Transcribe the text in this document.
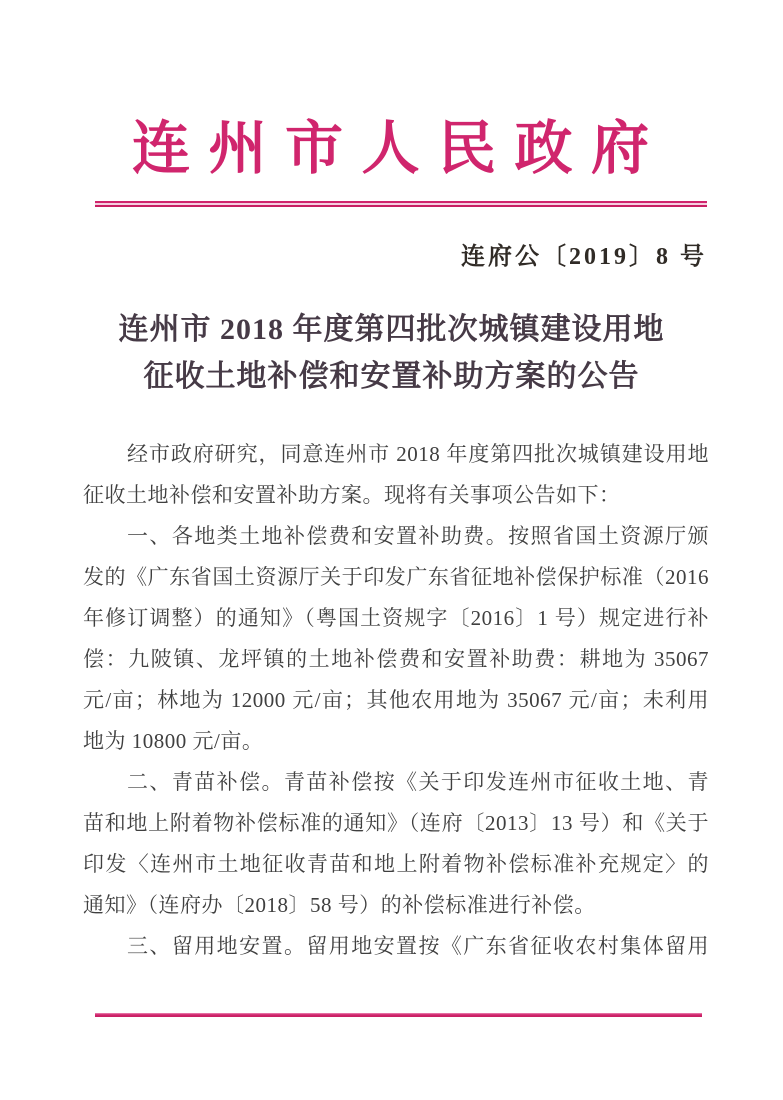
连 州 市 人 民 政 府
连府公〔2019〕8 号
连州市 2018 年度第四批次城镇建设用地
征收土地补偿和安置补助方案的公告
经市政府研究，同意连州市 2018 年度第四批次城镇建设用地
征收土地补偿和安置补助方案。现将有关事项公告如下：
一、各地类土地补偿费和安置补助费。按照省国土资源厅颁
发的《广东省国土资源厅关于印发广东省征地补偿保护标准（2016
年修订调整）的通知》（粤国土资规字〔2016〕1 号）规定进行补
偿：九陂镇、龙坪镇的土地补偿费和安置补助费：耕地为 35067
元/亩；林地为 12000 元/亩；其他农用地为 35067 元/亩；未利用
地为 10800 元/亩。
二、青苗补偿。青苗补偿按《关于印发连州市征收土地、青
苗和地上附着物补偿标准的通知》（连府〔2013〕13 号）和《关于
印发〈连州市土地征收青苗和地上附着物补偿标准补充规定〉的
通知》（连府办〔2018〕58 号）的补偿标准进行补偿。
三、留用地安置。留用地安置按《广东省征收农村集体留用
